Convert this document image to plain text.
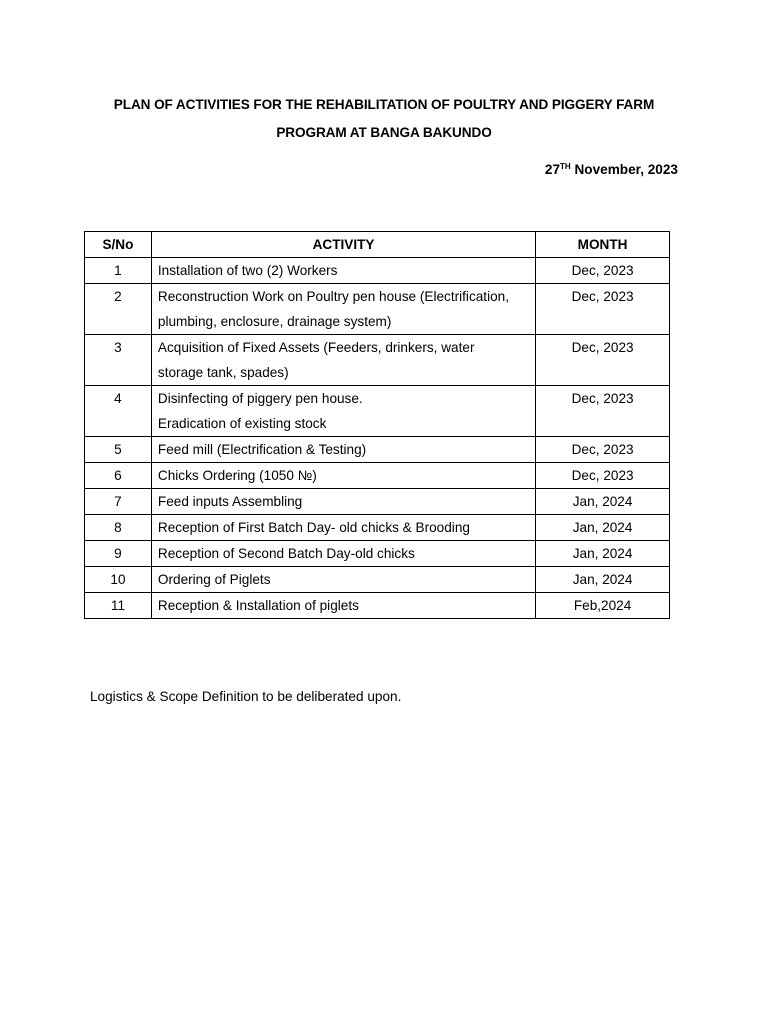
PLAN OF ACTIVITIES FOR THE REHABILITATION OF POULTRY AND PIGGERY FARM
PROGRAM AT BANGA BAKUNDO
27TH November, 2023
S/No	ACTIVITY	MONTH

1	Installation of two (2) Workers	Dec, 2023

2	Reconstruction Work on Poultry pen house (Electrification,
plumbing, enclosure, drainage system)	Dec, 2023

3	Acquisition of Fixed Assets (Feeders, drinkers, water
storage tank, spades)	Dec, 2023

4	Disinfecting of piggery pen house.
Eradication of existing stock	Dec, 2023

5	Feed mill (Electrification & Testing)	Dec, 2023

6	Chicks Ordering (1050 №)	Dec, 2023

7	Feed inputs Assembling	Jan, 2024

8	Reception of First Batch Day- old chicks & Brooding	Jan, 2024

9	Reception of Second Batch Day-old chicks	Jan, 2024

10	Ordering of Piglets	Jan, 2024

11	Reception & Installation of piglets	Feb,2024
Logistics & Scope Definition to be deliberated upon.
